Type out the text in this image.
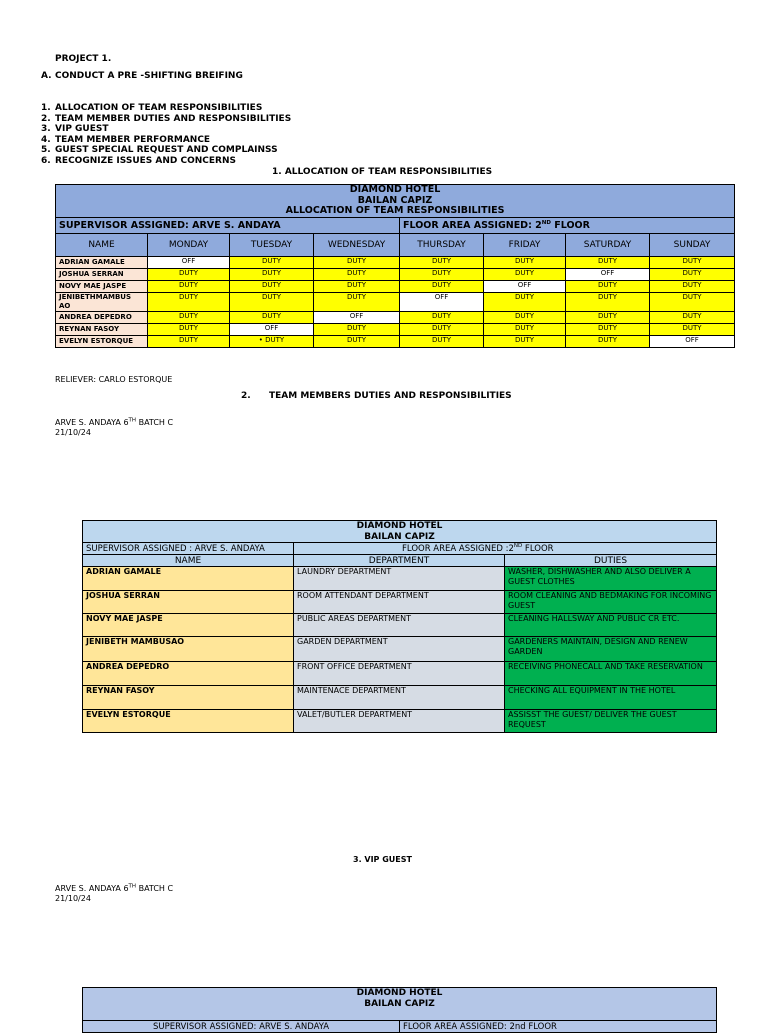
PROJECT 1.
A. CONDUCT A PRE -SHIFTING BREIFING
1. ALLOCATION OF TEAM RESPONSIBILITIES
2. TEAM MEMBER DUTIES AND RESPONSIBILITIES
3. VIP GUEST
4. TEAM MEMBER PERFORMANCE
5. GUEST SPECIAL REQUEST AND COMPLAINSS
6. RECOGNIZE ISSUES AND CONCERNS
1. ALLOCATION OF TEAM RESPONSIBILITIES
DIAMOND HOTEL
BAILAN CAPIZ
ALLOCATION OF TEAM RESPONSIBILITIES							

SUPERVISOR ASSIGNED: ARVE S. ANDAYA				FLOOR AREA ASSIGNED: 2ND FLOOR			
NAME	MONDAY	TUESDAY	WEDNESDAY	THURSDAY	FRIDAY	SATURDAY	SUNDAY
ADRIAN GAMALE	OFF	DUTY	DUTY	DUTY	DUTY	DUTY	DUTY
JOSHUA SERRAN	DUTY	DUTY	DUTY	DUTY	DUTY	OFF	DUTY
NOVY MAE JASPE	DUTY	DUTY	DUTY	DUTY	OFF	DUTY	DUTY
JENIBETHMAMBUS AO	DUTY	DUTY	DUTY	OFF	DUTY	DUTY	DUTY
ANDREA DEPEDRO	DUTY	DUTY	OFF	DUTY	DUTY	DUTY	DUTY
REYNAN FASOY	DUTY	OFF	DUTY	DUTY	DUTY	DUTY	DUTY
EVELYN ESTORQUE	DUTY	• DUTY	DUTY	DUTY	DUTY	DUTY	OFF
RELIEVER: CARLO ESTORQUE
2. TEAM MEMBERS DUTIES AND RESPONSIBILITIES
ARVE S. ANDAYA 6TH BATCH C
21/10/24
DIAMOND HOTEL
BAILAN CAPIZ		

SUPERVISOR ASSIGNED : ARVE S. ANDAYA	FLOOR AREA ASSIGNED :2ND FLOOR	
NAME	DEPARTMENT	DUTIES
ADRIAN GAMALE	LAUNDRY DEPARTMENT	WASHER, DISHWASHER AND ALSO DELIVER A GUEST CLOTHES
JOSHUA SERRAN	ROOM ATTENDANT DEPARTMENT	ROOM CLEANING AND BEDMAKING FOR INCOMING GUEST
NOVY MAE JASPE	PUBLIC AREAS DEPARTMENT	CLEANING HALLSWAY AND PUBLIC CR ETC.
JENIBETH MAMBUSAO	GARDEN DEPARTMENT	GARDENERS MAINTAIN, DESIGN AND RENEW GARDEN
ANDREA DEPEDRO	FRONT OFFICE DEPARTMENT	RECEIVING PHONECALL AND TAKE RESERVATION
REYNAN FASOY	MAINTENACE DEPARTMENT	CHECKING ALL EQUIPMENT IN THE HOTEL
EVELYN ESTORQUE	VALET/BUTLER DEPARTMENT	ASSISST THE GUEST/ DELIVER THE GUEST REQUEST
3. VIP GUEST
ARVE S. ANDAYA 6TH BATCH C
21/10/24
DIAMOND HOTEL
BAILAN CAPIZ

SUPERVISOR ASSIGNED: ARVE S. ANDAYA	FLOOR AREA ASSIGNED: 2nd FLOOR
